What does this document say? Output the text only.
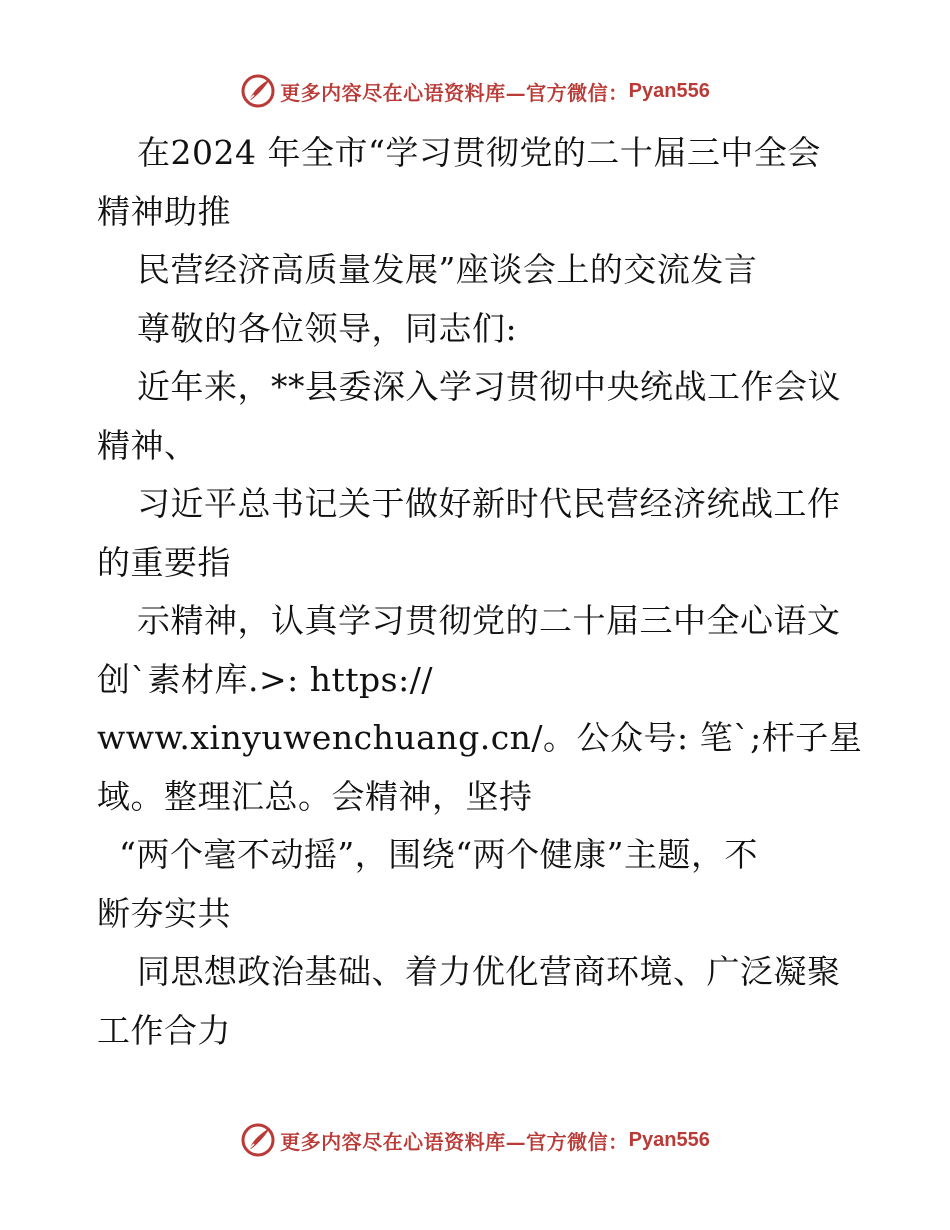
更多内容尽在心语资料库—官方微信： Pyan556
在2024 年全市“学习贯彻党的二十届三中全会
精神助推
民营经济高质量发展”座谈会上的交流发言
尊敬的各位领导，同志们:
近年来，**县委深入学习贯彻中央统战工作会议
精神、
习近平总书记关于做好新时代民营经济统战工作
的重要指
示精神，认真学习贯彻党的二十届三中全心语文
创`素材库.>: https://
www.xinyuwenchuang.cn/。公众号: 笔`;杆子星
域。整理汇总。会精神，坚持
“两个毫不动摇”，围绕“两个健康”主题，不
断夯实共
同思想政治基础、着力优化营商环境、广泛凝聚
工作合力
更多内容尽在心语资料库—官方微信： Pyan556
